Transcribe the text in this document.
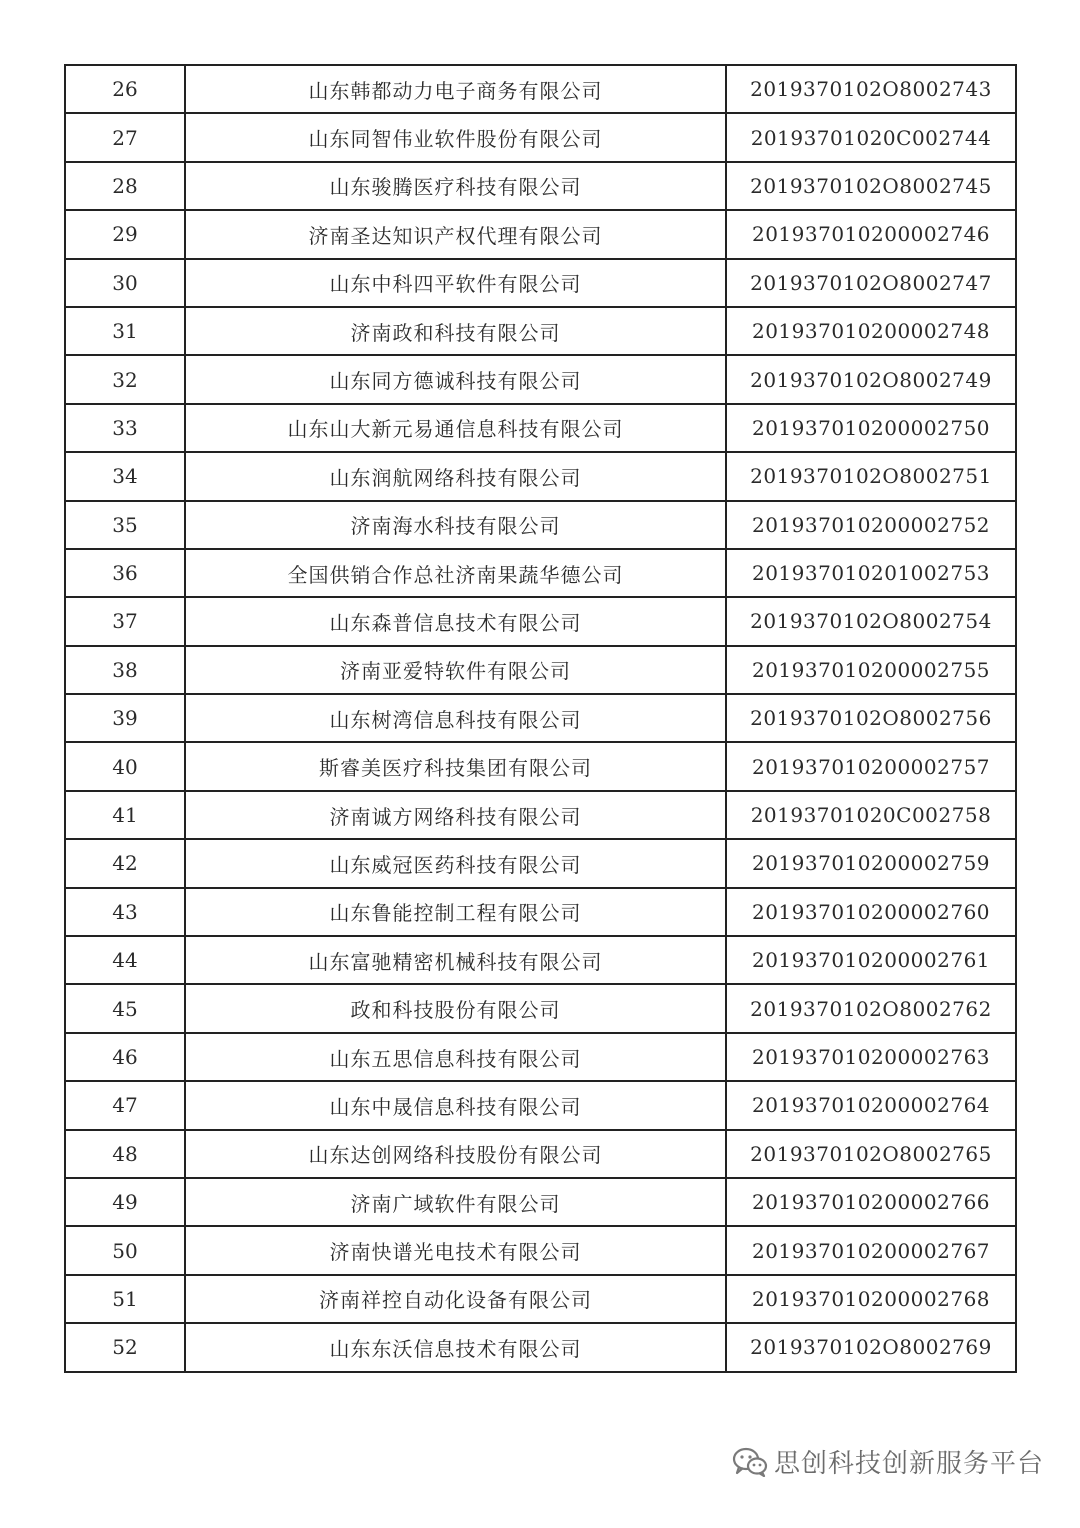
26	山东韩都动力电子商务有限公司	2019370102O8002743
27	山东同智伟业软件股份有限公司	20193701020C002744
28	山东骏腾医疗科技有限公司	2019370102O8002745
29	济南圣达知识产权代理有限公司	201937010200002746
30	山东中科四平软件有限公司	2019370102O8002747
31	济南政和科技有限公司	201937010200002748
32	山东同方德诚科技有限公司	2019370102O8002749
33	山东山大新元易通信息科技有限公司	201937010200002750
34	山东润航网络科技有限公司	2019370102O8002751
35	济南海水科技有限公司	201937010200002752
36	全国供销合作总社济南果蔬华德公司	201937010201002753
37	山东森普信息技术有限公司	2019370102O8002754
38	济南亚爱特软件有限公司	201937010200002755
39	山东树湾信息科技有限公司	2019370102O8002756
40	斯睿美医疗科技集团有限公司	201937010200002757
41	济南诚方网络科技有限公司	20193701020C002758
42	山东威冠医药科技有限公司	201937010200002759
43	山东鲁能控制工程有限公司	201937010200002760
44	山东富驰精密机械科技有限公司	201937010200002761
45	政和科技股份有限公司	2019370102O8002762
46	山东五思信息科技有限公司	201937010200002763
47	山东中晟信息科技有限公司	201937010200002764
48	山东达创网络科技股份有限公司	2019370102O8002765
49	济南广域软件有限公司	201937010200002766
50	济南快谱光电技术有限公司	201937010200002767
51	济南祥控自动化设备有限公司	201937010200002768
52	山东东沃信息技术有限公司	2019370102O8002769
思创科技创新服务平台
